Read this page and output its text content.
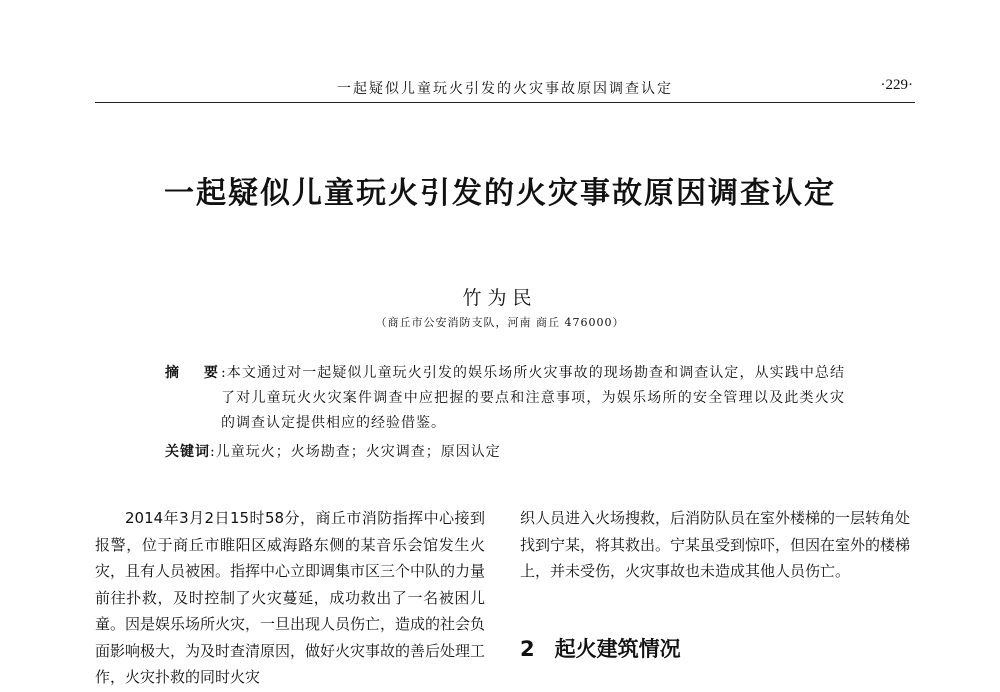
一起疑似儿童玩火引发的火灾事故原因调查认定	·229·
一起疑似儿童玩火引发的火灾事故原因调查认定
竹为民
（商丘市公安消防支队，河南 商丘 476000）
摘 要
:本文通过对一起疑似儿童玩火引发的娱乐场所火灾事故的现场勘查和调查认定，从实践中总结了对儿童玩火火灾案件调查中应把握的要点和注意事项，为娱乐场所的安全管理以及此类火灾的调查认定提供相应的经验借鉴。
关键词:儿童玩火；火场勘查；火灾调查；原因认定
2014年3月2日15时58分，商丘市消防指挥中心接到报警，位于商丘市睢阳区威海路东侧的某音乐会馆发生火灾，且有人员被困。指挥中心立即调集市区三个中队的力量前往扑救，及时控制了火灾蔓延，成功救出了一名被困儿童。因是娱乐场所火灾，一旦出现人员伤亡，造成的社会负面影响极大，为及时查清原因，做好火灾事故的善后处理工作，火灾扑救的同时火灾
织人员进入火场搜救，后消防队员在室外楼梯的一层转角处找到宁某，将其救出。宁某虽受到惊吓，但因在室外的楼梯上，并未受伤，火灾事故也未造成其他人员伤亡。
2 起火建筑情况
